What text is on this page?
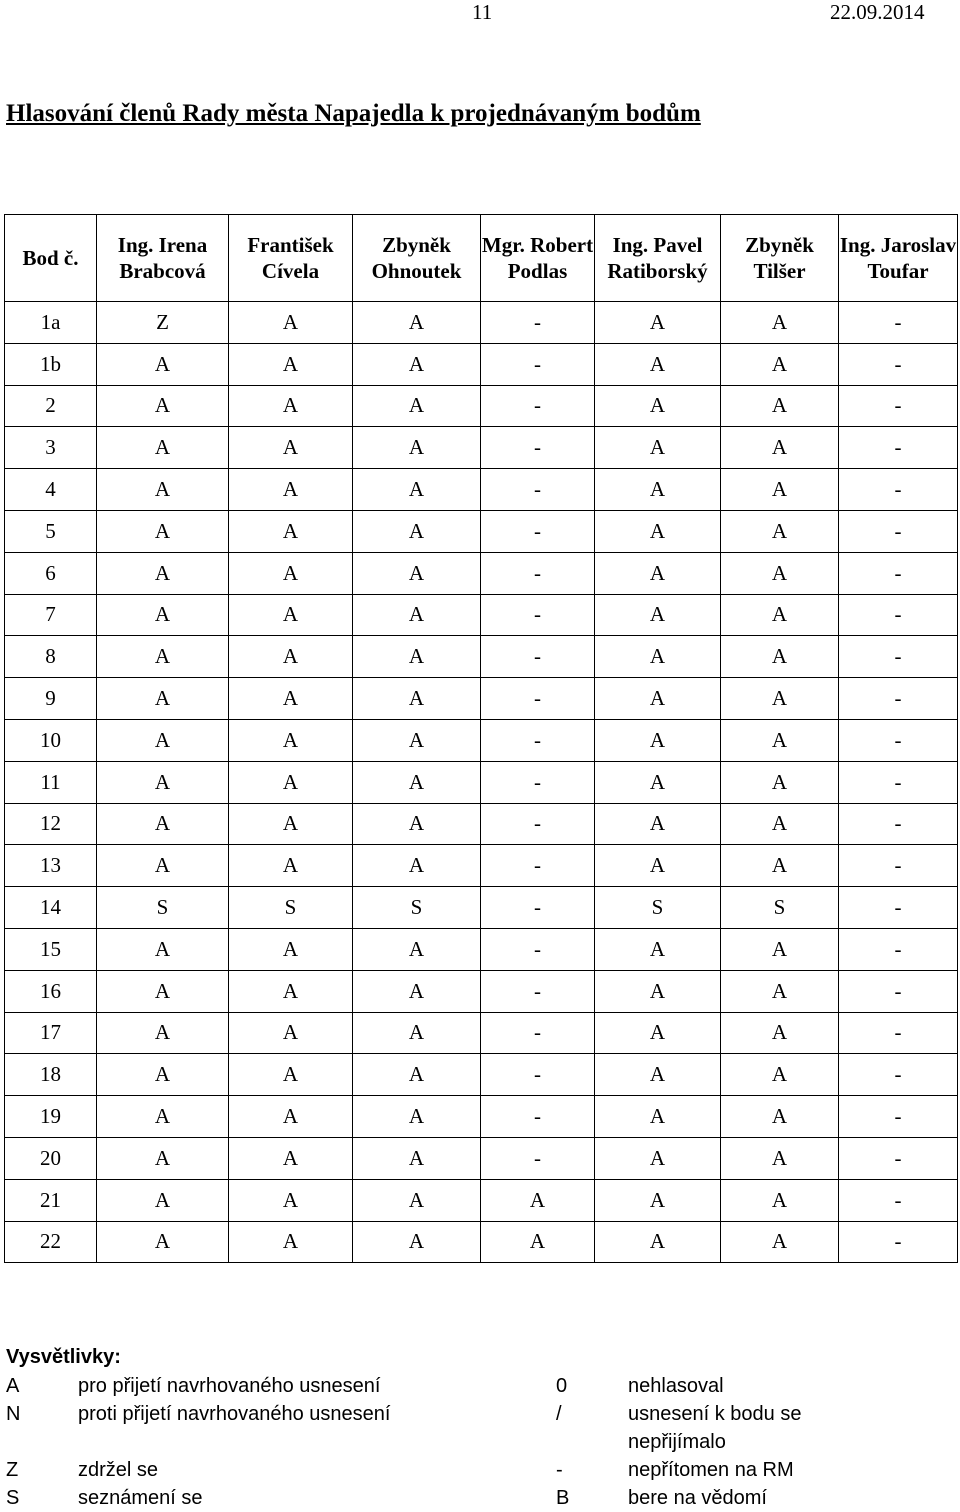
11	22.09.2014
Hlasování členů Rady města Napajedla k projednávaným bodům
Bod č.	Ing. Irena Brabcová	František Cívela	Zbyněk Ohnoutek	Mgr. Robert Podlas	Ing. Pavel Ratiborský	Zbyněk Tilšer	Ing. Jaroslav Toufar
1a	Z	A	A	-	A	A	-
1b	A	A	A	-	A	A	-
2	A	A	A	-	A	A	-
3	A	A	A	-	A	A	-
4	A	A	A	-	A	A	-
5	A	A	A	-	A	A	-
6	A	A	A	-	A	A	-
7	A	A	A	-	A	A	-
8	A	A	A	-	A	A	-
9	A	A	A	-	A	A	-
10	A	A	A	-	A	A	-
11	A	A	A	-	A	A	-
12	A	A	A	-	A	A	-
13	A	A	A	-	A	A	-
14	S	S	S	-	S	S	-
15	A	A	A	-	A	A	-
16	A	A	A	-	A	A	-
17	A	A	A	-	A	A	-
18	A	A	A	-	A	A	-
19	A	A	A	-	A	A	-
20	A	A	A	-	A	A	-
21	A	A	A	A	A	A	-
22	A	A	A	A	A	A	-
Vysvětlivky:
A	pro přijetí navrhovaného usnesení
N	proti přijetí navrhovaného usnesení
Z	zdržel se
S	seznámení se
0	nehlasoval
/	usnesení k bodu se nepřijímalo
-	nepřítomen na RM
B	bere na vědomí
